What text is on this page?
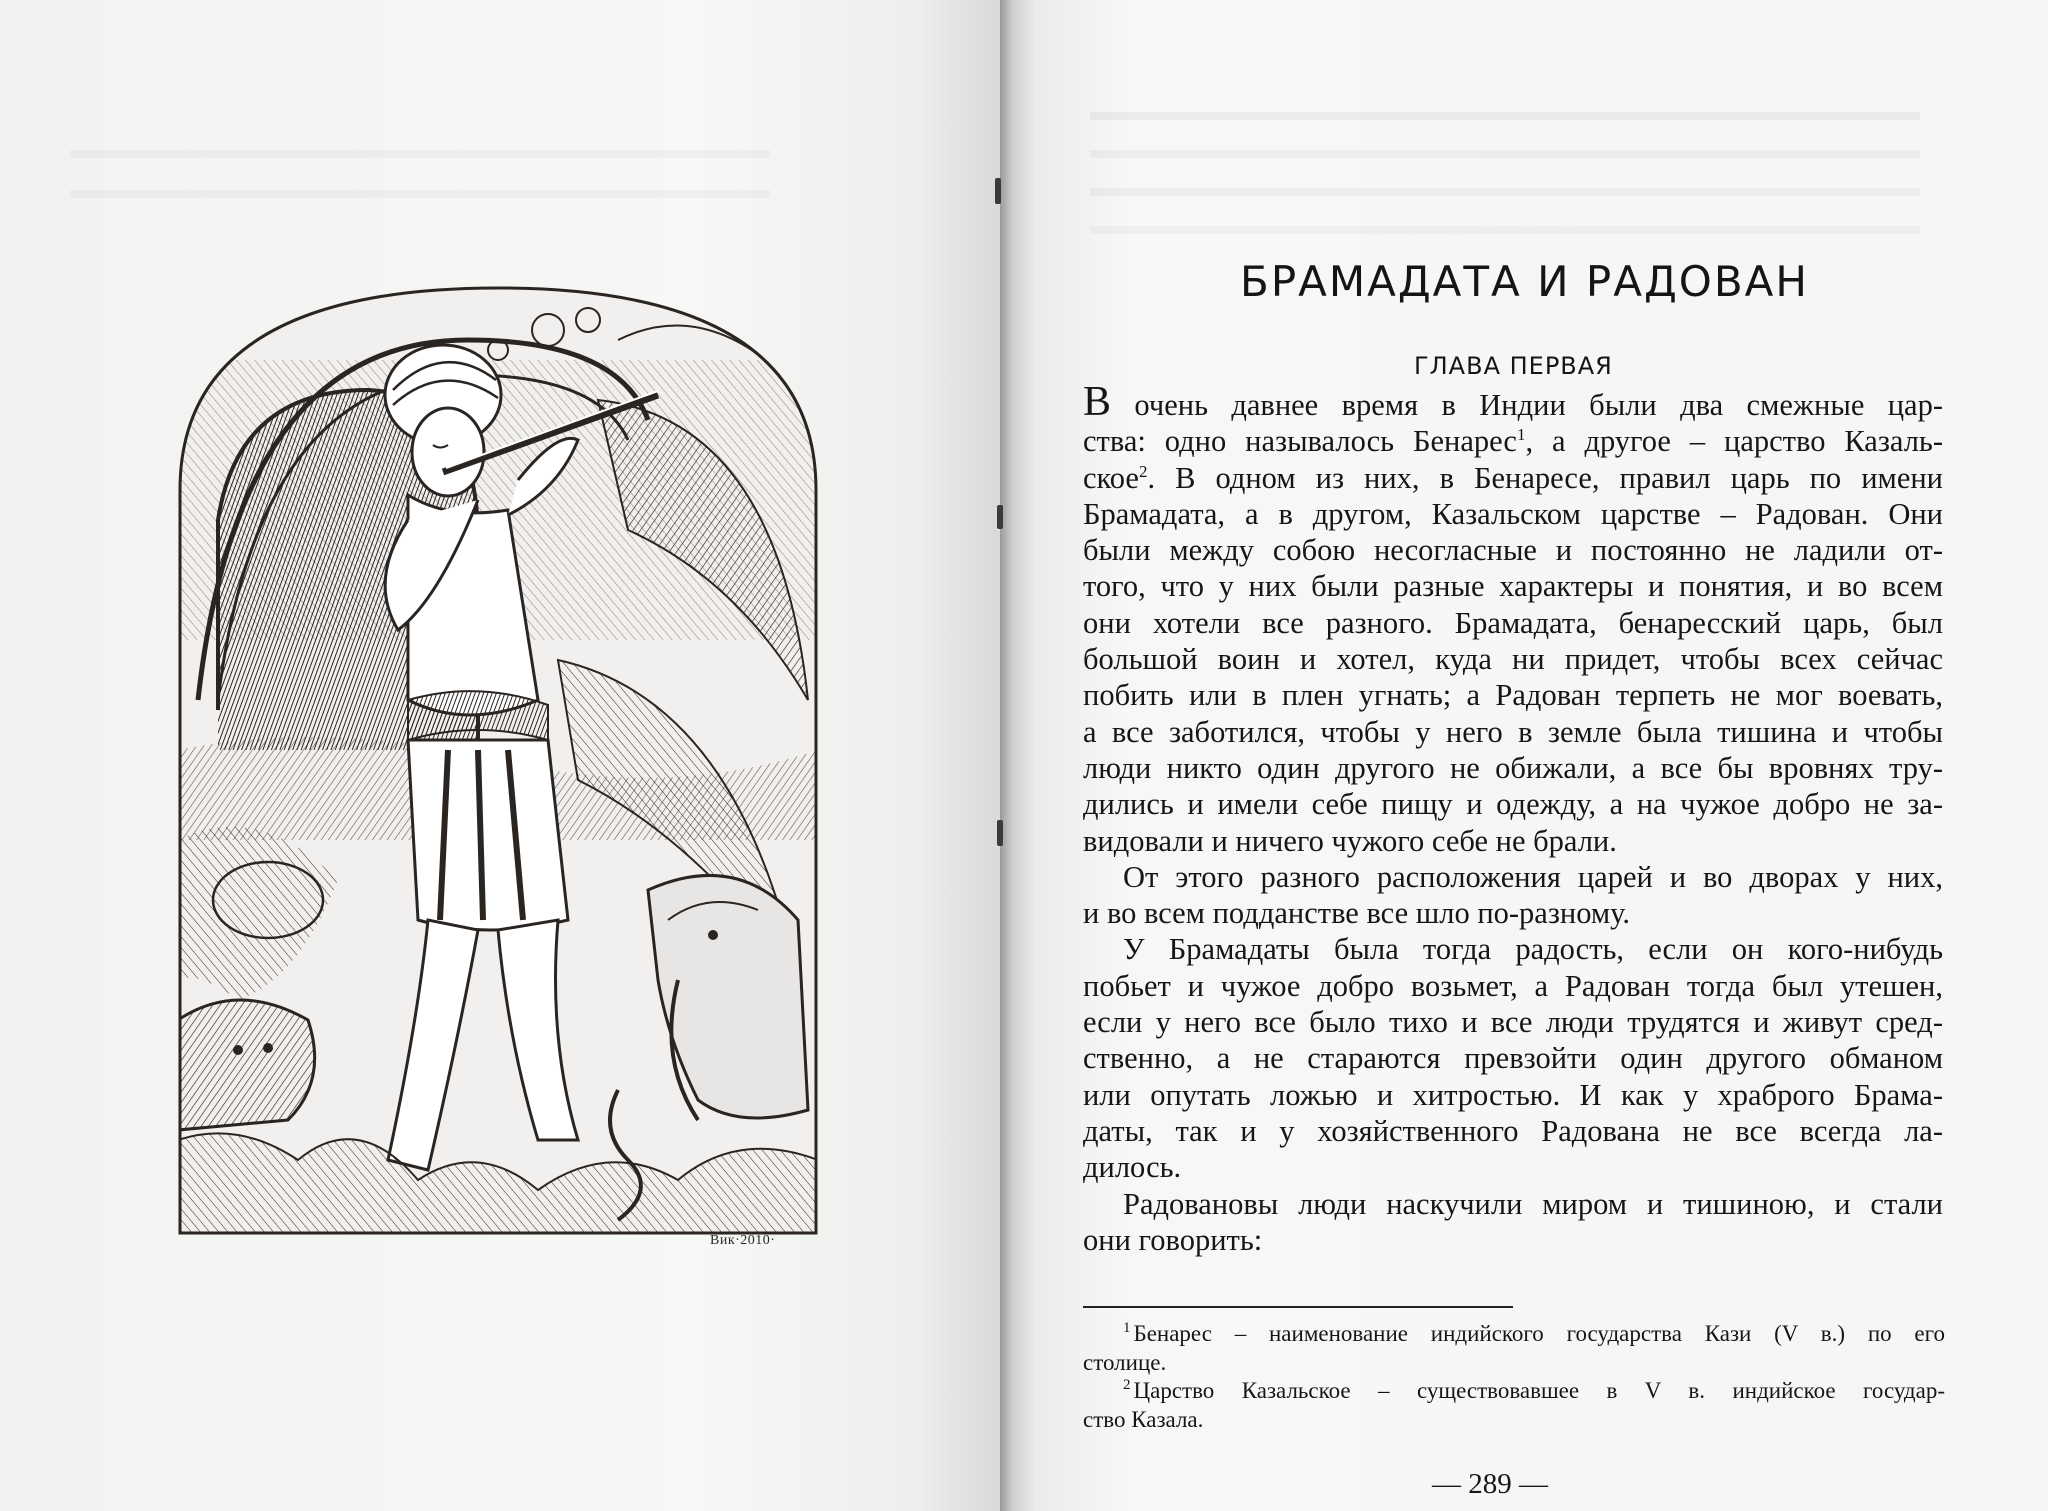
Вик·2010·
БРАМАДАТА И РАДОВАН
ГЛАВА ПЕРВАЯ
В очень давнее время в Индии были два смежные цар-
ства: одно называлось Бенарес$^1$, а другое – царство Казаль-
ское$^2$. В одном из них, в Бенаресе, правил царь по имени
Брамадата, а в другом, Казальском царстве – Радован. Они
были между собою несогласные и постоянно не ладили от-
того, что у них были разные характеры и понятия, и во всем
они хотели все разного. Брамадата, бенаресский царь, был
большой воин и хотел, куда ни придет, чтобы всех сейчас
побить или в плен угнать; а Радован терпеть не мог воевать,
а все заботился, чтобы у него в земле была тишина и чтобы
люди никто один другого не обижали, а все бы вровнях тру-
дились и имели себе пищу и одежду, а на чужое добро не за-
видовали и ничего чужого себе не брали.
От этого разного расположения царей и во дворах у них,
и во всем подданстве все шло по-разному.
У Брамадаты была тогда радость, если он кого-нибудь
побьет и чужое добро возьмет, а Радован тогда был утешен,
если у него все было тихо и все люди трудятся и живут сред-
ственно, а не стараются превзойти один другого обманом
или опутать ложью и хитростью. И как у храброго Брама-
даты, так и у хозяйственного Радована не все всегда ла-
дилось.
Радовановы люди наскучили миром и тишиною, и стали
они говорить:
$^1$ Бенарес – наименование индийского государства Кази (V в.) по его
столице.
$^2$ Царство Казальское – существовавшее в V в. индийское государ-
ство Казала.
— 289 —
